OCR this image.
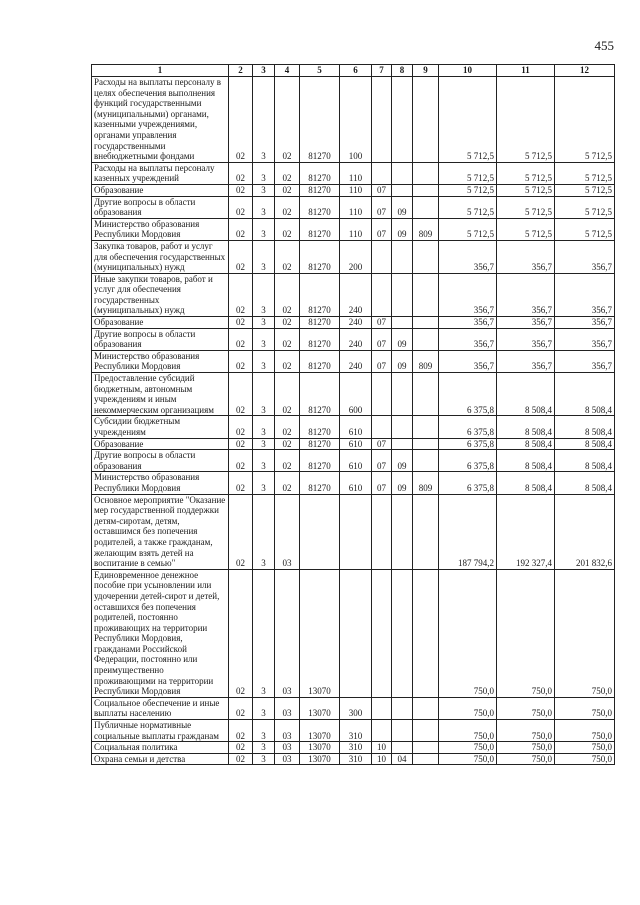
455
1	2	3	4	5	6	7	8	9	10	11	12
Расходы на выплаты персоналу в целях обеспечения выполнения функций государственными (муниципальными) органами, казенными учреждениями, органами управления государственными внебюджетными фондами	02	3	02	81270	100				5 712,5	5 712,5	5 712,5
Расходы на выплаты персоналу казенных учреждений	02	3	02	81270	110				5 712,5	5 712,5	5 712,5
Образование	02	3	02	81270	110	07			5 712,5	5 712,5	5 712,5
Другие вопросы в области образования	02	3	02	81270	110	07	09		5 712,5	5 712,5	5 712,5
Министерство образования Республики Мордовия	02	3	02	81270	110	07	09	809	5 712,5	5 712,5	5 712,5
Закупка товаров, работ и услуг для обеспечения государственных (муниципальных) нужд	02	3	02	81270	200				356,7	356,7	356,7
Иные закупки товаров, работ и услуг для обеспечения государственных (муниципальных) нужд	02	3	02	81270	240				356,7	356,7	356,7
Образование	02	3	02	81270	240	07			356,7	356,7	356,7
Другие вопросы в области образования	02	3	02	81270	240	07	09		356,7	356,7	356,7
Министерство образования Республики Мордовия	02	3	02	81270	240	07	09	809	356,7	356,7	356,7
Предоставление субсидий бюджетным, автономным учреждениям и иным некоммерческим организациям	02	3	02	81270	600				6 375,8	8 508,4	8 508,4
Субсидии бюджетным учреждениям	02	3	02	81270	610				6 375,8	8 508,4	8 508,4
Образование	02	3	02	81270	610	07			6 375,8	8 508,4	8 508,4
Другие вопросы в области образования	02	3	02	81270	610	07	09		6 375,8	8 508,4	8 508,4
Министерство образования Республики Мордовия	02	3	02	81270	610	07	09	809	6 375,8	8 508,4	8 508,4
Основное мероприятие "Оказание мер государственной поддержки детям-сиротам, детям, оставшимся без попечения родителей, а также гражданам, желающим взять детей на воспитание в семью"	02	3	03						187 794,2	192 327,4	201 832,6
Единовременное денежное пособие при усыновлении или удочерении детей-сирот и детей, оставшихся без попечения родителей, постоянно проживающих на территории Республики Мордовия, гражданами Российской Федерации, постоянно или преимущественно проживающими на территории Республики Мордовия	02	3	03	13070					750,0	750,0	750,0
Социальное обеспечение и иные выплаты населению	02	3	03	13070	300				750,0	750,0	750,0
Публичные нормативные социальные выплаты гражданам	02	3	03	13070	310				750,0	750,0	750,0
Социальная политика	02	3	03	13070	310	10			750,0	750,0	750,0
Охрана семьи и детства	02	3	03	13070	310	10	04		750,0	750,0	750,0
